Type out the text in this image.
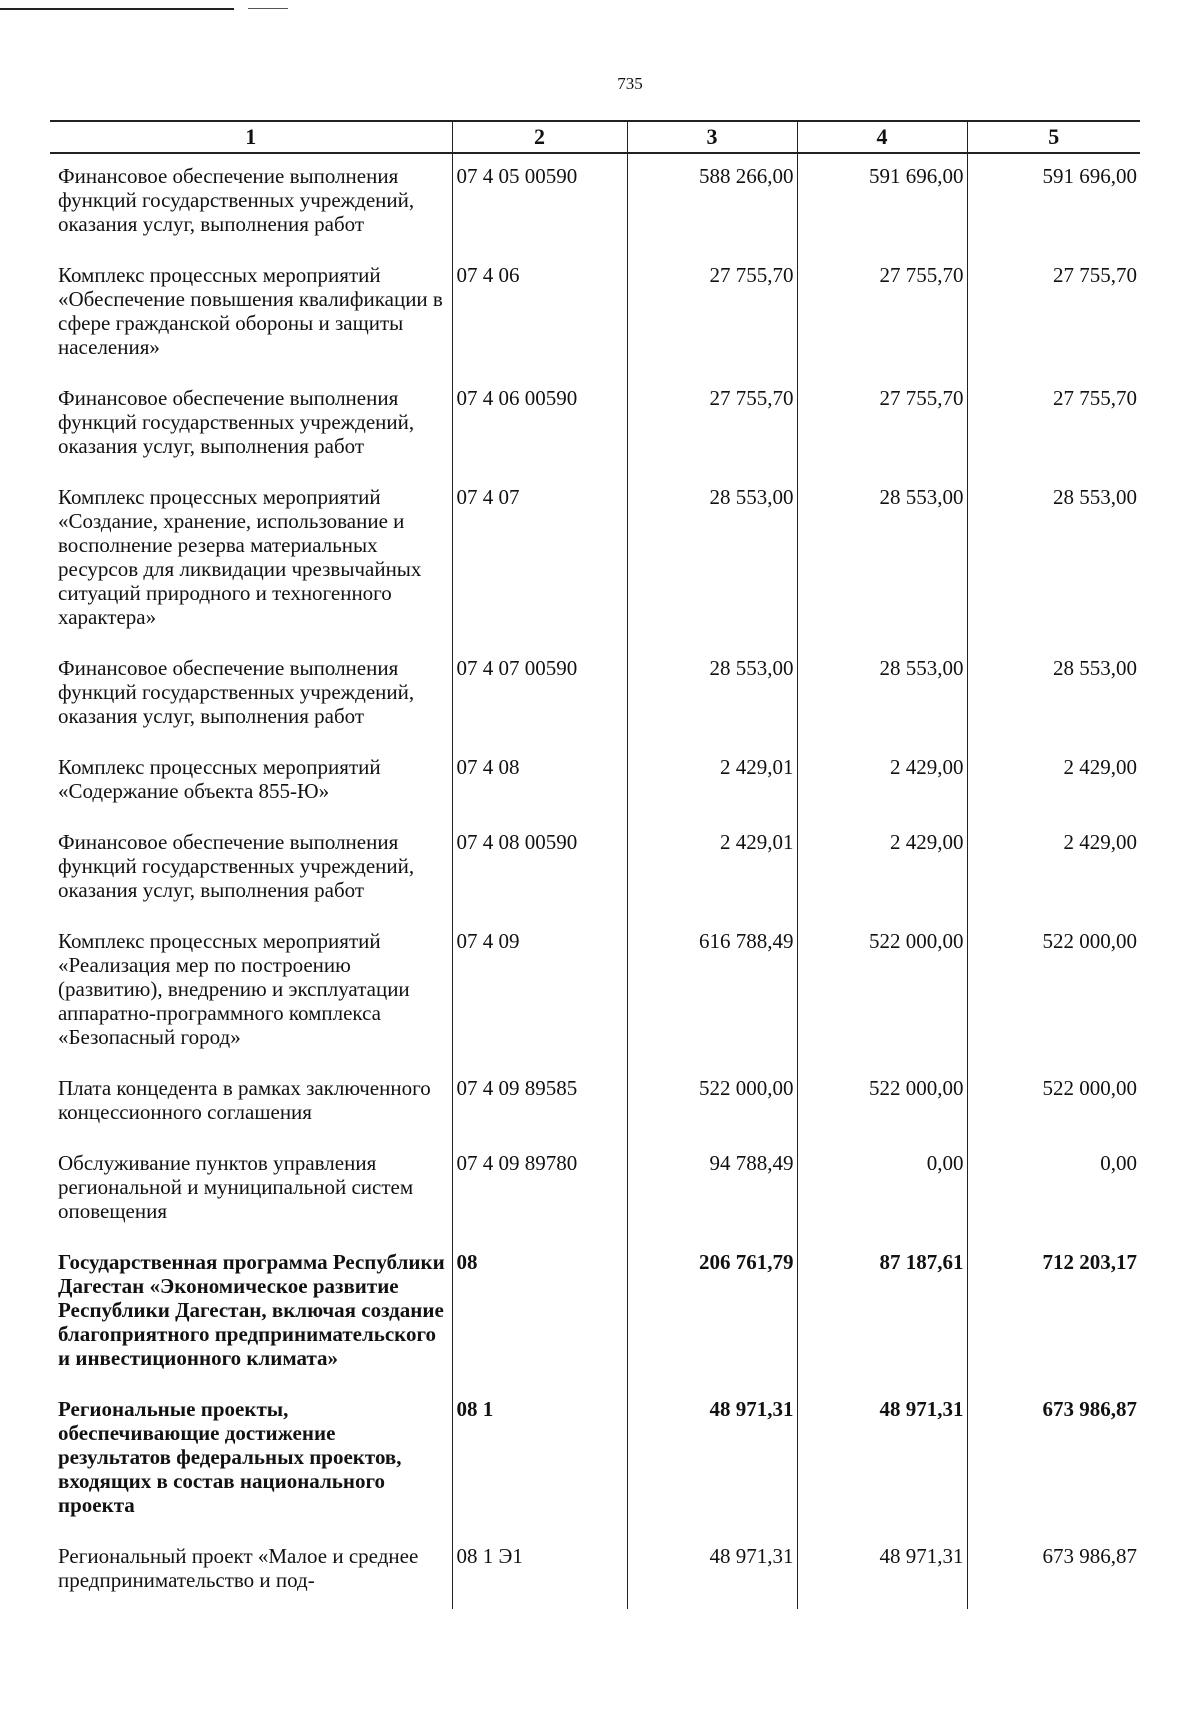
735
1	2	3	4	5
Финансовое обеспечение выполнения функций государственных учреждений, оказания услуг, выполнения работ	07 4 05 00590	588 266,00	591 696,00	591 696,00
Комплекс процессных мероприятий «Обеспечение повышения квалификации в сфере гражданской обороны и защиты населения»	07 4 06	27 755,70	27 755,70	27 755,70
Финансовое обеспечение выполнения функций государственных учреждений, оказания услуг, выполнения работ	07 4 06 00590	27 755,70	27 755,70	27 755,70
Комплекс процессных мероприятий «Создание, хранение, использование и восполнение резерва материальных ресурсов для ликвидации чрезвычайных ситуаций природного и техногенного характера»	07 4 07	28 553,00	28 553,00	28 553,00
Финансовое обеспечение выполнения функций государственных учреждений, оказания услуг, выполнения работ	07 4 07 00590	28 553,00	28 553,00	28 553,00
Комплекс процессных мероприятий «Содержание объекта 855-Ю»	07 4 08	2 429,01	2 429,00	2 429,00
Финансовое обеспечение выполнения функций государственных учреждений, оказания услуг, выполнения работ	07 4 08 00590	2 429,01	2 429,00	2 429,00
Комплекс процессных мероприятий «Реализация мер по построению (развитию), внедрению и эксплуатации аппаратно-программного комплекса «Безопасный город»	07 4 09	616 788,49	522 000,00	522 000,00
Плата концедента в рамках заключенного концессионного соглашения	07 4 09 89585	522 000,00	522 000,00	522 000,00
Обслуживание пунктов управления региональной и муниципальной систем оповещения	07 4 09 89780	94 788,49	0,00	0,00
Государственная программа Республики Дагестан «Экономическое развитие Республики Дагестан, включая создание благоприятного предпринимательского и инвестиционного климата»	08	206 761,79	87 187,61	712 203,17
Региональные проекты, обеспечивающие достижение результатов федеральных проектов, входящих в состав национального проекта	08 1	48 971,31	48 971,31	673 986,87
Региональный проект «Малое и среднее предпринимательство и под-	08 1 Э1	48 971,31	48 971,31	673 986,87
